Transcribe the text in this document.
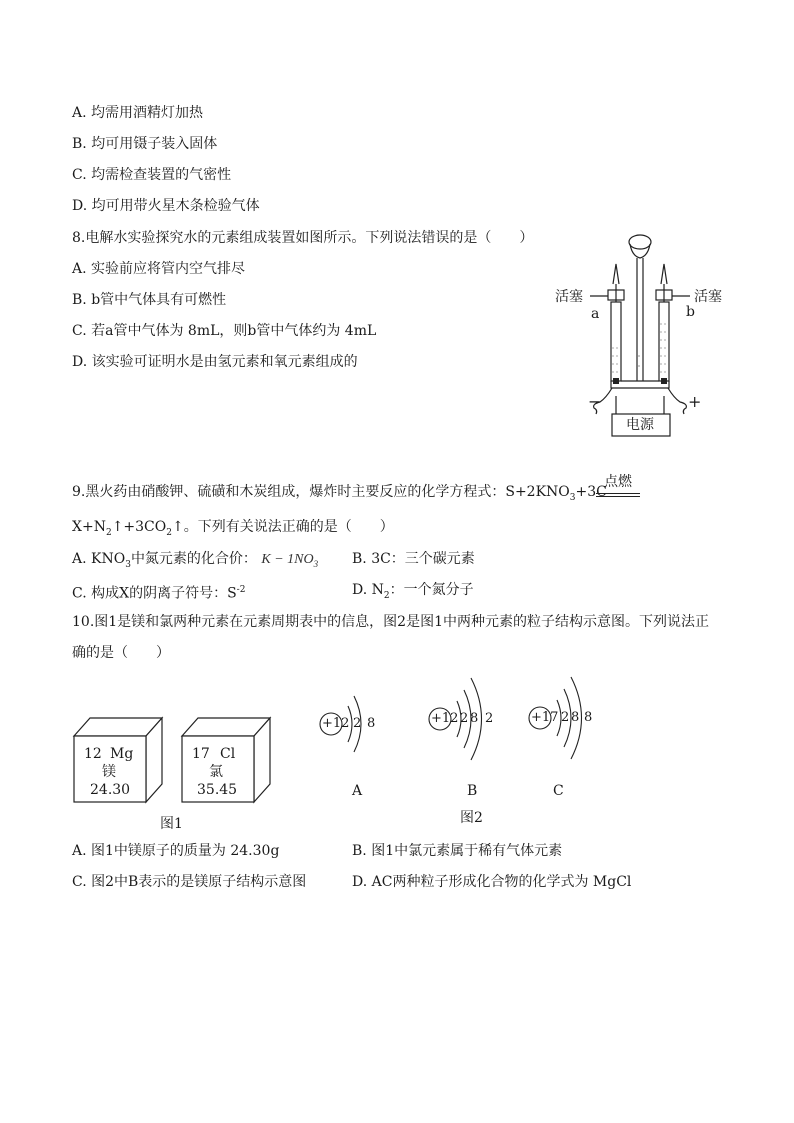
A. 均需用酒精灯加热
B. 均可用镊子装入固体
C. 均需检查装置的气密性
D. 均可用带火星木条检验气体
8.电解水实验探究水的元素组成装置如图所示。下列说法错误的是（　　）
A. 实验前应将管内空气排尽
B. b管中气体具有可燃性
C. 若a管中气体为 8mL，则b管中气体约为 4mL
D. 该实验可证明水是由氢元素和氧元素组成的
活塞	活塞
a	b
−	+
电源
9.黑火药由硝酸钾、硫磺和木炭组成，爆炸时主要反应的化学方程式：$S+2KNO_3+3C$
点燃
$X+N_2↑+3CO_2↑$。下列有关说法正确的是（　　）
A. $KNO_3$中氮元素的化合价： $K - 1NO_3$ B. 3C：三个碳元素
C. 构成X的阴离子符号：$S^{-2}$	D. $N_2$：一个氮分子
10.图1是镁和氯两种元素在元素周期表中的信息，图2是图1中两种元素的粒子结构示意图。下列说法正
确的是（　　）
12 Mg
镁
24.30
17 Cl
氯
35.45
图1
+12 2 8
A
+12 2 8 2
B
+17 2 8 8
C
图2
A. 图1中镁原子的质量为 24.30g	B. 图1中氯元素属于稀有气体元素
C. 图2中B表示的是镁原子结构示意图	D. AC两种粒子形成化合物的化学式为 MgCl
